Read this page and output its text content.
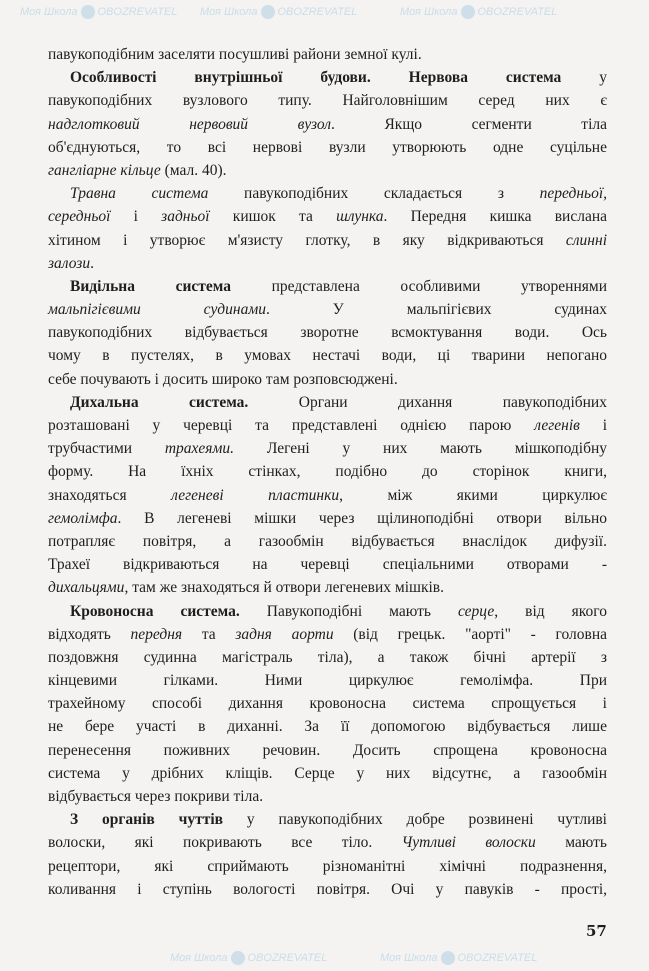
Моя Школа OBOZREVATEL Моя Школа OBOZREVATEL	Моя Школа OBOZREVATEL
Моя Школа OBOZREVATEL	Моя Школа OBOZREVATEL
павукоподібним заселяти посушливі райони земної кулі.
Особливості внутрішньої будови. Нервова система у
павукоподібних вузлового типу. Найголовнішим серед них є
надглотковий нервовий вузол. Якщо сегменти тіла
об'єднуються, то всі нервові вузли утворюють одне суцільне
гангліарне кільце (мал. 40).
Травна система павукоподібних складається з передньої,
середньої і задньої кишок та шлунка. Передня кишка вислана
хітином і утворює м'язисту глотку, в яку відкриваються слинні
залози.
Видільна система представлена особливими утвореннями
мальпігієвими судинами. У мальпігієвих судинах
павукоподібних відбувається зворотне всмоктування води. Ось
чому в пустелях, в умовах нестачі води, ці тварини непогано
себе почувають і досить широко там розповсюджені.
Дихальна система. Органи дихання павукоподібних
розташовані у черевці та представлені однією парою легенів і
трубчастими трахеями. Легені у них мають мішкоподібну
форму. На їхніх стінках, подібно до сторінок книги,
знаходяться легеневі пластинки, між якими циркулює
гемолімфа. В легеневі мішки через щілиноподібні отвори вільно
потрапляє повітря, а газообмін відбувається внаслідок дифузії.
Трахеї відкриваються на черевці спеціальними отворами -
дихальцями, там же знаходяться й отвори легеневих мішків.
Кровоносна система. Павукоподібні мають серце, від якого
відходять передня та задня аорти (від грецьк. "аорті" - головна
поздовжня судинна магістраль тіла), а також бічні артерії з
кінцевими гілками. Ними циркулює гемолімфа. При
трахейному способі дихання кровоносна система спрощується і
не бере участі в диханні. За її допомогою відбувається лише
перенесення поживних речовин. Досить спрощена кровоносна
система у дрібних кліщів. Серце у них відсутнє, а газообмін
відбувається через покриви тіла.
З органів чуттів у павукоподібних добре розвинені чутливі
волоски, які покривають все тіло. Чутливі волоски мають
рецептори, які сприймають різноманітні хімічні подразнення,
коливання і ступінь вологості повітря. Очі у павуків - прості,
57
